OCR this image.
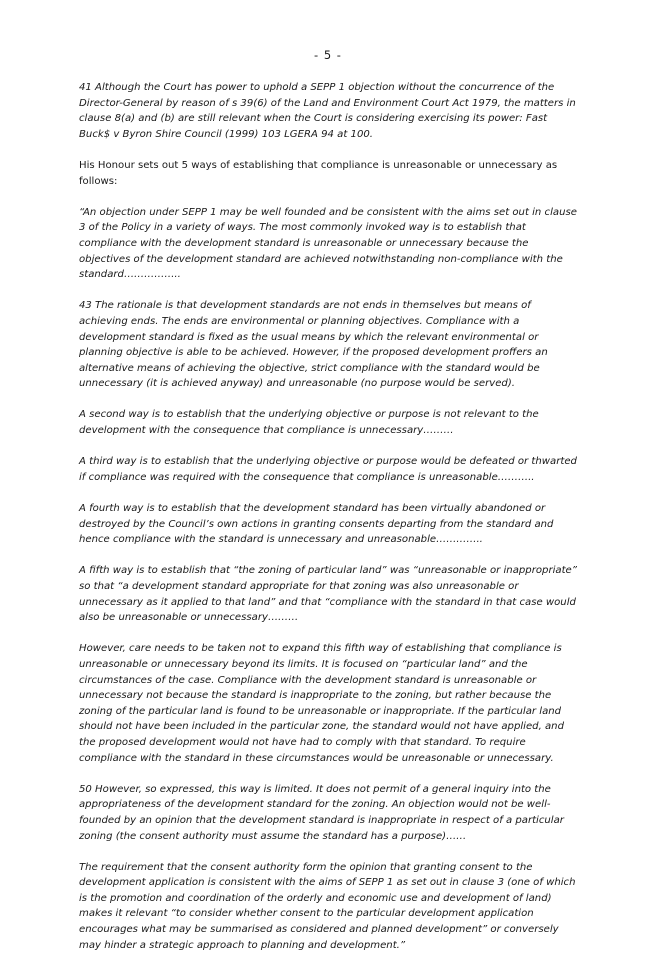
- 5 -

41 Although the Court has power to uphold a SEPP 1 objection without the concurrence of the Director-General by reason of s 39(6) of the Land and Environment Court Act 1979, the matters in clause 8(a) and (b) are still relevant when the Court is considering exercising its power: Fast Buck$ v Byron Shire Council (1999) 103 LGERA 94 at 100.

His Honour sets out 5 ways of establishing that compliance is unreasonable or unnecessary as follows:

“An objection under SEPP 1 may be well founded and be consistent with the aims set out in clause 3 of the Policy in a variety of ways. The most commonly invoked way is to establish that compliance with the development standard is unreasonable or unnecessary because the objectives of the development standard are achieved notwithstanding non-compliance with the standard……………..

43 The rationale is that development standards are not ends in themselves but means of achieving ends. The ends are environmental or planning objectives. Compliance with a development standard is fixed as the usual means by which the relevant environmental or planning objective is able to be achieved. However, if the proposed development proffers an alternative means of achieving the objective, strict compliance with the standard would be unnecessary (it is achieved anyway) and unreasonable (no purpose would be served).

A second way is to establish that the underlying objective or purpose is not relevant to the development with the consequence that compliance is unnecessary………

A third way is to establish that the underlying objective or purpose would be defeated or thwarted if compliance was required with the consequence that compliance is unreasonable………..

A fourth way is to establish that the development standard has been virtually abandoned or destroyed by the Council’s own actions in granting consents departing from the standard and hence compliance with the standard is unnecessary and unreasonable…………..

A fifth way is to establish that “the zoning of particular land” was “unreasonable or inappropriate” so that “a development standard appropriate for that zoning was also unreasonable or unnecessary as it applied to that land” and that “compliance with the standard in that case would also be unreasonable or unnecessary………

However, care needs to be taken not to expand this fifth way of establishing that compliance is unreasonable or unnecessary beyond its limits. It is focused on “particular land” and the circumstances of the case. Compliance with the development standard is unreasonable or unnecessary not because the standard is inappropriate to the zoning, but rather because the zoning of the particular land is found to be unreasonable or inappropriate. If the particular land should not have been included in the particular zone, the standard would not have applied, and the proposed development would not have had to comply with that standard. To require compliance with the standard in these circumstances would be unreasonable or unnecessary.

50 However, so expressed, this way is limited. It does not permit of a general inquiry into the appropriateness of the development standard for the zoning. An objection would not be well-founded by an opinion that the development standard is inappropriate in respect of a particular zoning (the consent authority must assume the standard has a purpose)……

The requirement that the consent authority form the opinion that granting consent to the development application is consistent with the aims of SEPP 1 as set out in clause 3 (one of which is the promotion and coordination of the orderly and economic use and development of land) makes it relevant “to consider whether consent to the particular development application encourages what may be summarised as considered and planned development” or conversely may hinder a strategic approach to planning and development.”
